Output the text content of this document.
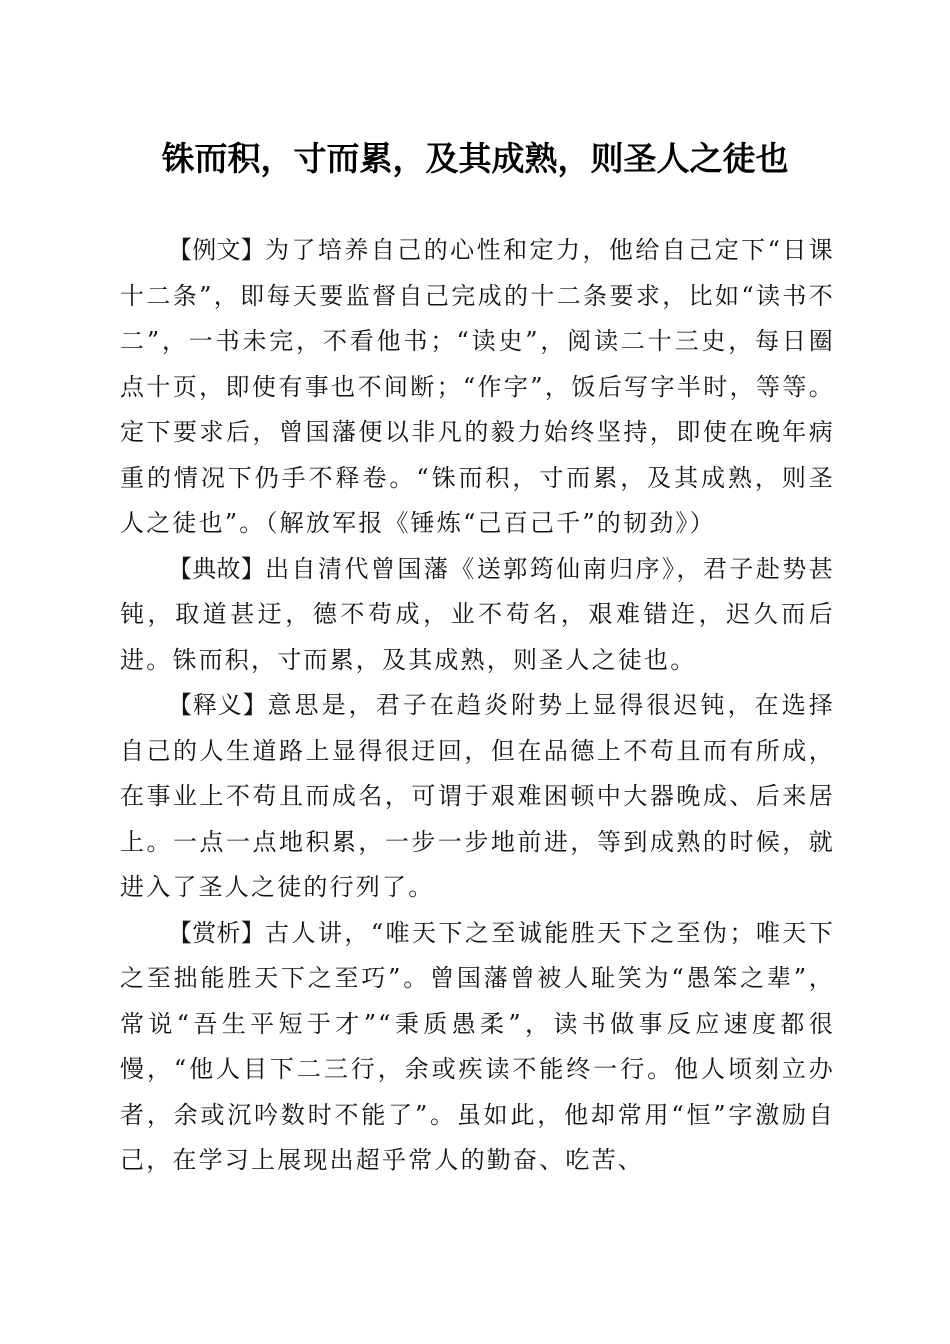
铢而积，寸而累，及其成熟，则圣人之徒也

【例文】为了培养自己的心性和定力，他给自己定下“日课十二条”，即每天要监督自己完成的十二条要求，比如“读书不二”，一书未完，不看他书；“读史”，阅读二十三史，每日圈点十页，即使有事也不间断；“作字”，饭后写字半时，等等。定下要求后，曾国藩便以非凡的毅力始终坚持，即使在晚年病重的情况下仍手不释卷。“铢而积，寸而累，及其成熟，则圣人之徒也”。（解放军报《锤炼“己百己千”的韧劲》）

【典故】出自清代曾国藩《送郭筠仙南归序》，君子赴势甚钝，取道甚迂，德不苟成，业不苟名，艰难错迕，迟久而后进。铢而积，寸而累，及其成熟，则圣人之徒也。

【释义】意思是，君子在趋炎附势上显得很迟钝，在选择自己的人生道路上显得很迂回，但在品德上不苟且而有所成，在事业上不苟且而成名，可谓于艰难困顿中大器晚成、后来居上。一点一点地积累，一步一步地前进，等到成熟的时候，就进入了圣人之徒的行列了。

【赏析】古人讲，“唯天下之至诚能胜天下之至伪；唯天下之至拙能胜天下之至巧”。曾国藩曾被人耻笑为“愚笨之辈”，常说“吾生平短于才”“秉质愚柔”，读书做事反应速度都很慢，“他人目下二三行，余或疾读不能终一行。他人顷刻立办者，余或沉吟数时不能了”。虽如此，他却常用“恒”字激励自己，在学习上展现出超乎常人的勤奋、吃苦、
